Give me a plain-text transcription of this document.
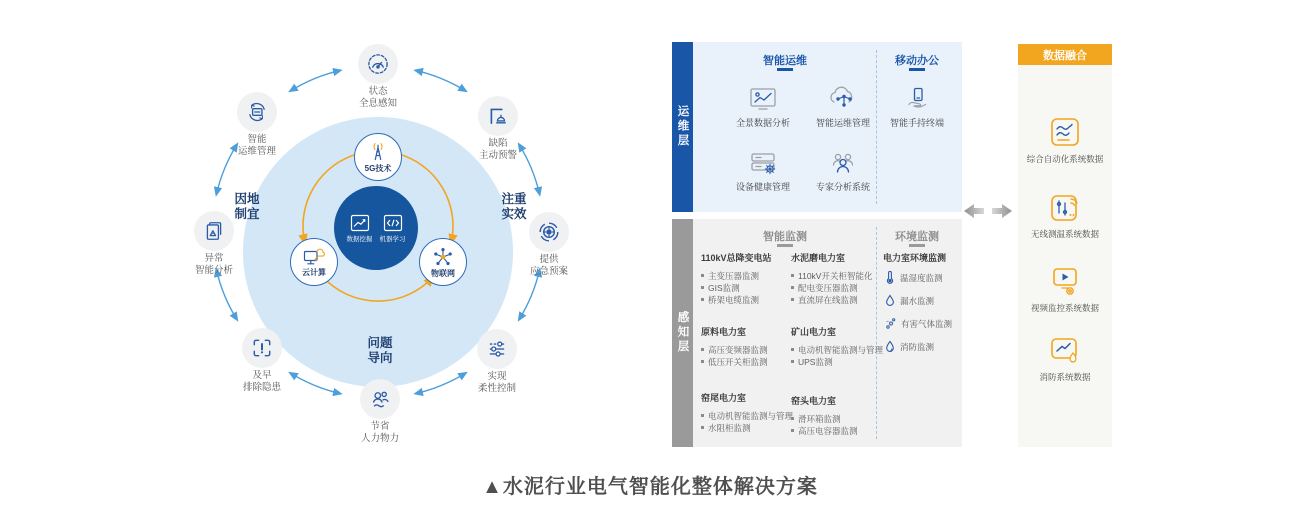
数据挖掘 机器学习
5G技术
云计算	物联网
状态
全息感知
缺陷
主动预警
提供
应急预案
实现
柔性控制
节省
人力物力
及早
排除隐患
异常
智能分析
智能
运维管理
因地
制宜
注重
实效
问题
导向
运维层
智能运维
全景数据分析	智能运维管理
设备健康管理	专家分析系统
移动办公
智能手持终端
感知层
智能监测
110kV总降变电站
主变压器监测
GIS监测
桥架电缆监测
水泥磨电力室
110kV开关柜智能化
配电变压器监测
直流屏在线监测
原料电力室
高压变频器监测
低压开关柜监测
矿山电力室
电动机智能监测与管理
UPS监测
窑尾电力室
电动机智能监测与管理
水阻柜监测
窑头电力室
滑环箱监测
高压电容器监测
环境监测
电力室环境监测
温湿度监测
漏水监测
有害气体监测
消防监测
数据融合
综合自动化系统数据
无线测温系统数据
视频监控系统数据
消防系统数据
▲水泥行业电气智能化整体解决方案
